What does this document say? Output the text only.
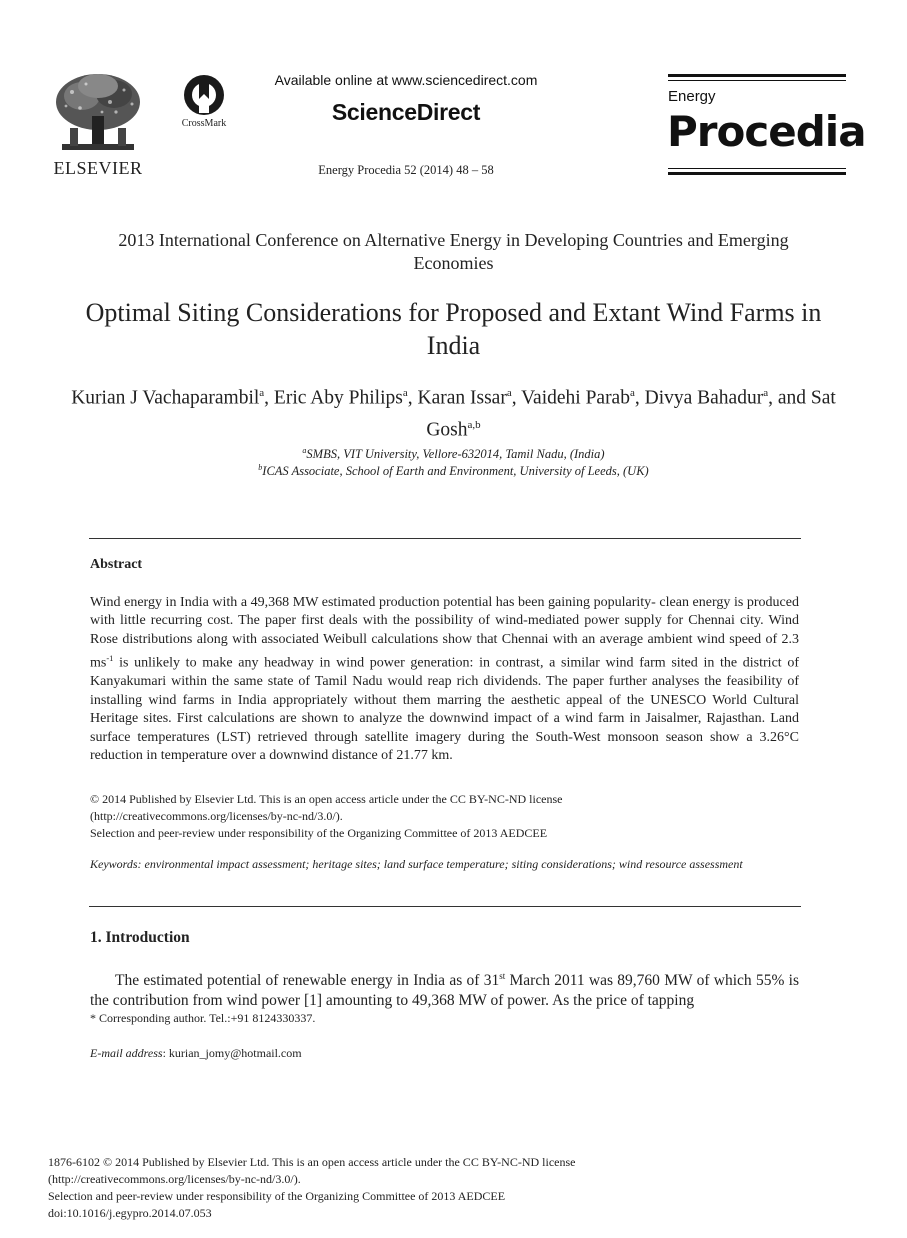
ELSEVIER
CrossMark
Available online at www.sciencedirect.com
ScienceDirect
Energy Procedia 52 (2014) 48 – 58
Energy
Procedia
2013 International Conference on Alternative Energy in Developing Countries and Emerging Economies
Optimal Siting Considerations for Proposed and Extant Wind Farms in India
Kurian J Vachaparambil$^a$, Eric Aby Philips$^a$, Karan Issar$^a$, Vaidehi Parab$^a$, Divya Bahadur$^a$, and Sat Gosh$^{a,b}$
$^a$SMBS, VIT University, Vellore-632014, Tamil Nadu, (India)
$^b$ICAS Associate, School of Earth and Environment, University of Leeds, (UK)
Abstract
Wind energy in India with a 49,368 MW estimated production potential has been gaining popularity- clean energy is produced with little recurring cost. The paper first deals with the possibility of wind-mediated power supply for Chennai city. Wind Rose distributions along with associated Weibull calculations show that Chennai with an average ambient wind speed of 2.3 $ms^{-1}$ is unlikely to make any headway in wind power generation: in contrast, a similar wind farm sited in the district of Kanyakumari within the same state of Tamil Nadu would reap rich dividends. The paper further analyses the feasibility of installing wind farms in India appropriately without them marring the aesthetic appeal of the UNESCO World Cultural Heritage sites. First calculations are shown to analyze the downwind impact of a wind farm in Jaisalmer, Rajasthan. Land surface temperatures (LST) retrieved through satellite imagery during the South-West monsoon season show a 3.26°C reduction in temperature over a downwind distance of 21.77 km.
© 2014 Published by Elsevier Ltd. This is an open access article under the CC BY-NC-ND license
(http://creativecommons.org/licenses/by-nc-nd/3.0/).
Selection and peer-review under responsibility of the Organizing Committee of 2013 AEDCEE
Keywords: environmental impact assessment; heritage sites; land surface temperature; siting considerations; wind resource assessment
1. Introduction
The estimated potential of renewable energy in India as of 31st March 2011 was 89,760 MW of which 55% is the contribution from wind power [1] amounting to 49,368 MW of power. As the price of tapping
* Corresponding author. Tel.:+91 8124330337.
E-mail address: kurian_jomy@hotmail.com
1876-6102 © 2014 Published by Elsevier Ltd. This is an open access article under the CC BY-NC-ND license
(http://creativecommons.org/licenses/by-nc-nd/3.0/).
Selection and peer-review under responsibility of the Organizing Committee of 2013 AEDCEE
doi:10.1016/j.egypro.2014.07.053
